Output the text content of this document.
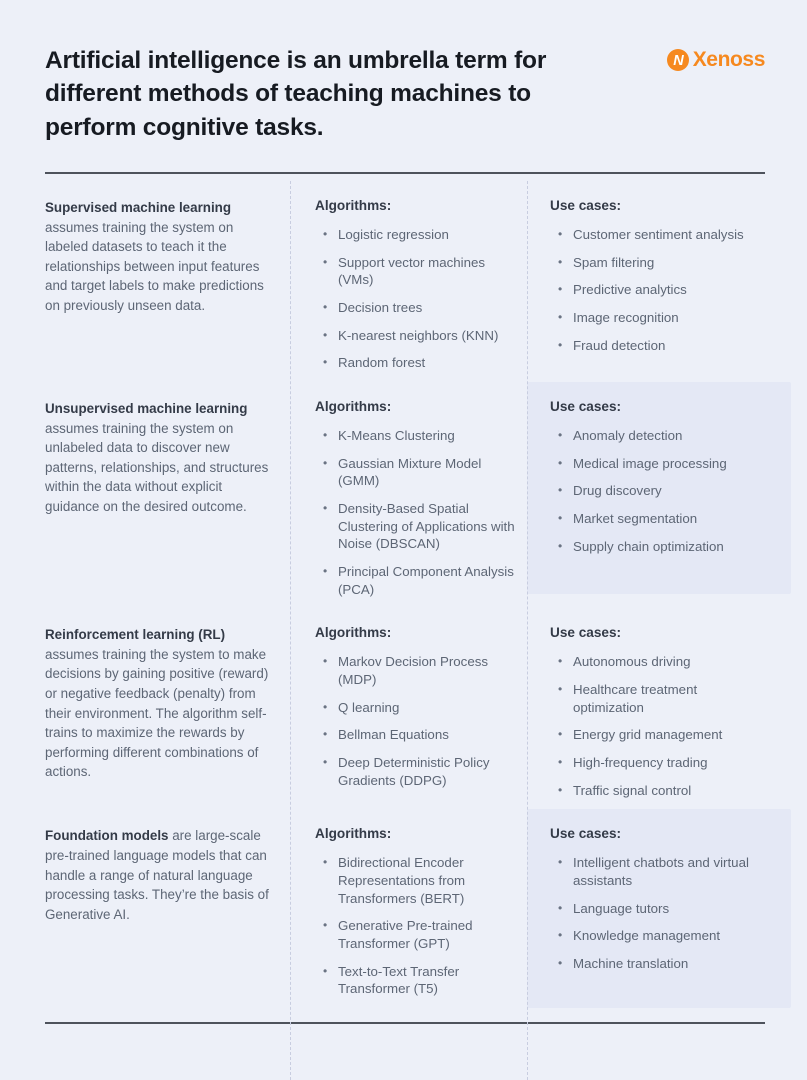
Artificial intelligence is an umbrella term for different methods of teaching machines to perform cognitive tasks.
N Xenoss

Supervised machine learning assumes training the system on labeled datasets to teach it the relationships between input features and target labels to make predictions on previously unseen data.

Algorithms:
• Logistic regression
• Support vector machines (VMs)
• Decision trees
• K-nearest neighbors (KNN)
• Random forest
Use cases:
• Customer sentiment analysis
• Spam filtering
• Predictive analytics
• Image recognition
• Fraud detection

Unsupervised machine learning assumes training the system on unlabeled data to discover new patterns, relationships, and structures within the data without explicit guidance on the desired outcome.

Algorithms:
• K-Means Clustering
• Gaussian Mixture Model (GMM)
• Density-Based Spatial Clustering of Applications with Noise (DBSCAN)
• Principal Component Analysis (PCA)
Use cases:
• Anomaly detection
• Medical image processing
• Drug discovery
• Market segmentation
• Supply chain optimization

Reinforcement learning (RL) assumes training the system to make decisions by gaining positive (reward) or negative feedback (penalty) from their environment. The algorithm self-trains to maximize the rewards by performing different combinations of actions.

Algorithms:
• Markov Decision Process (MDP)
• Q learning
• Bellman Equations
• Deep Deterministic Policy Gradients (DDPG)
Use cases:
• Autonomous driving
• Healthcare treatment optimization
• Energy grid management
• High-frequency trading
• Traffic signal control

Foundation models are large-scale pre-trained language models that can handle a range of natural language processing tasks. They’re the basis of Generative AI.

Algorithms:
• Bidirectional Encoder Representations from Transformers (BERT)
• Generative Pre-trained Transformer (GPT)
• Text-to-Text Transfer Transformer (T5)
Use cases:
• Intelligent chatbots and virtual assistants
• Language tutors
• Knowledge management
• Machine translation
